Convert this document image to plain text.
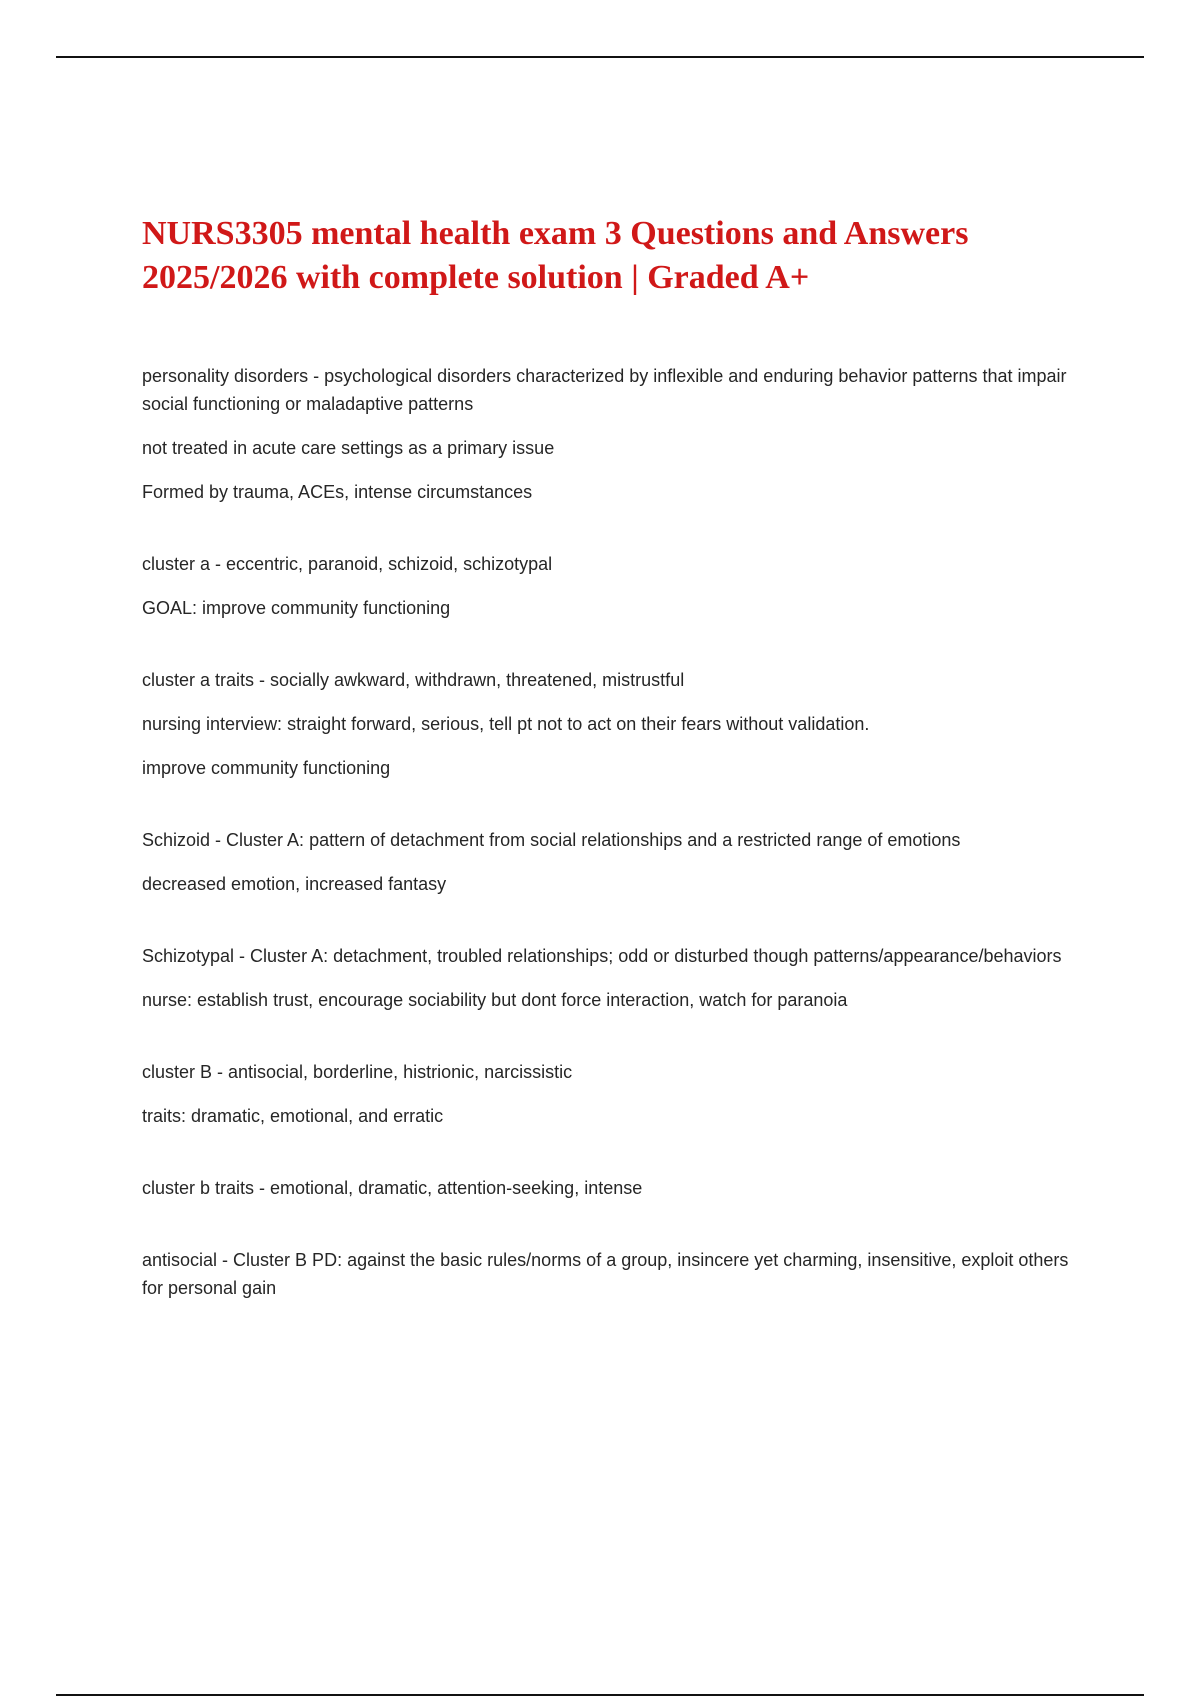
NURS3305 mental health exam 3 Questions and Answers
2025/2026 with complete solution | Graded A+

personality disorders - psychological disorders characterized by inflexible and enduring behavior patterns that impair social functioning or maladaptive patterns

not treated in acute care settings as a primary issue

Formed by trauma, ACEs, intense circumstances

cluster a - eccentric, paranoid, schizoid, schizotypal

GOAL: improve community functioning

cluster a traits - socially awkward, withdrawn, threatened, mistrustful

nursing interview: straight forward, serious, tell pt not to act on their fears without validation.

improve community functioning

Schizoid - Cluster A: pattern of detachment from social relationships and a restricted range of emotions

decreased emotion, increased fantasy

Schizotypal - Cluster A: detachment, troubled relationships; odd or disturbed though patterns/appearance/behaviors

nurse: establish trust, encourage sociability but dont force interaction, watch for paranoia

cluster B - antisocial, borderline, histrionic, narcissistic

traits: dramatic, emotional, and erratic

cluster b traits - emotional, dramatic, attention-seeking, intense

antisocial - Cluster B PD: against the basic rules/norms of a group, insincere yet charming, insensitive, exploit others for personal gain
